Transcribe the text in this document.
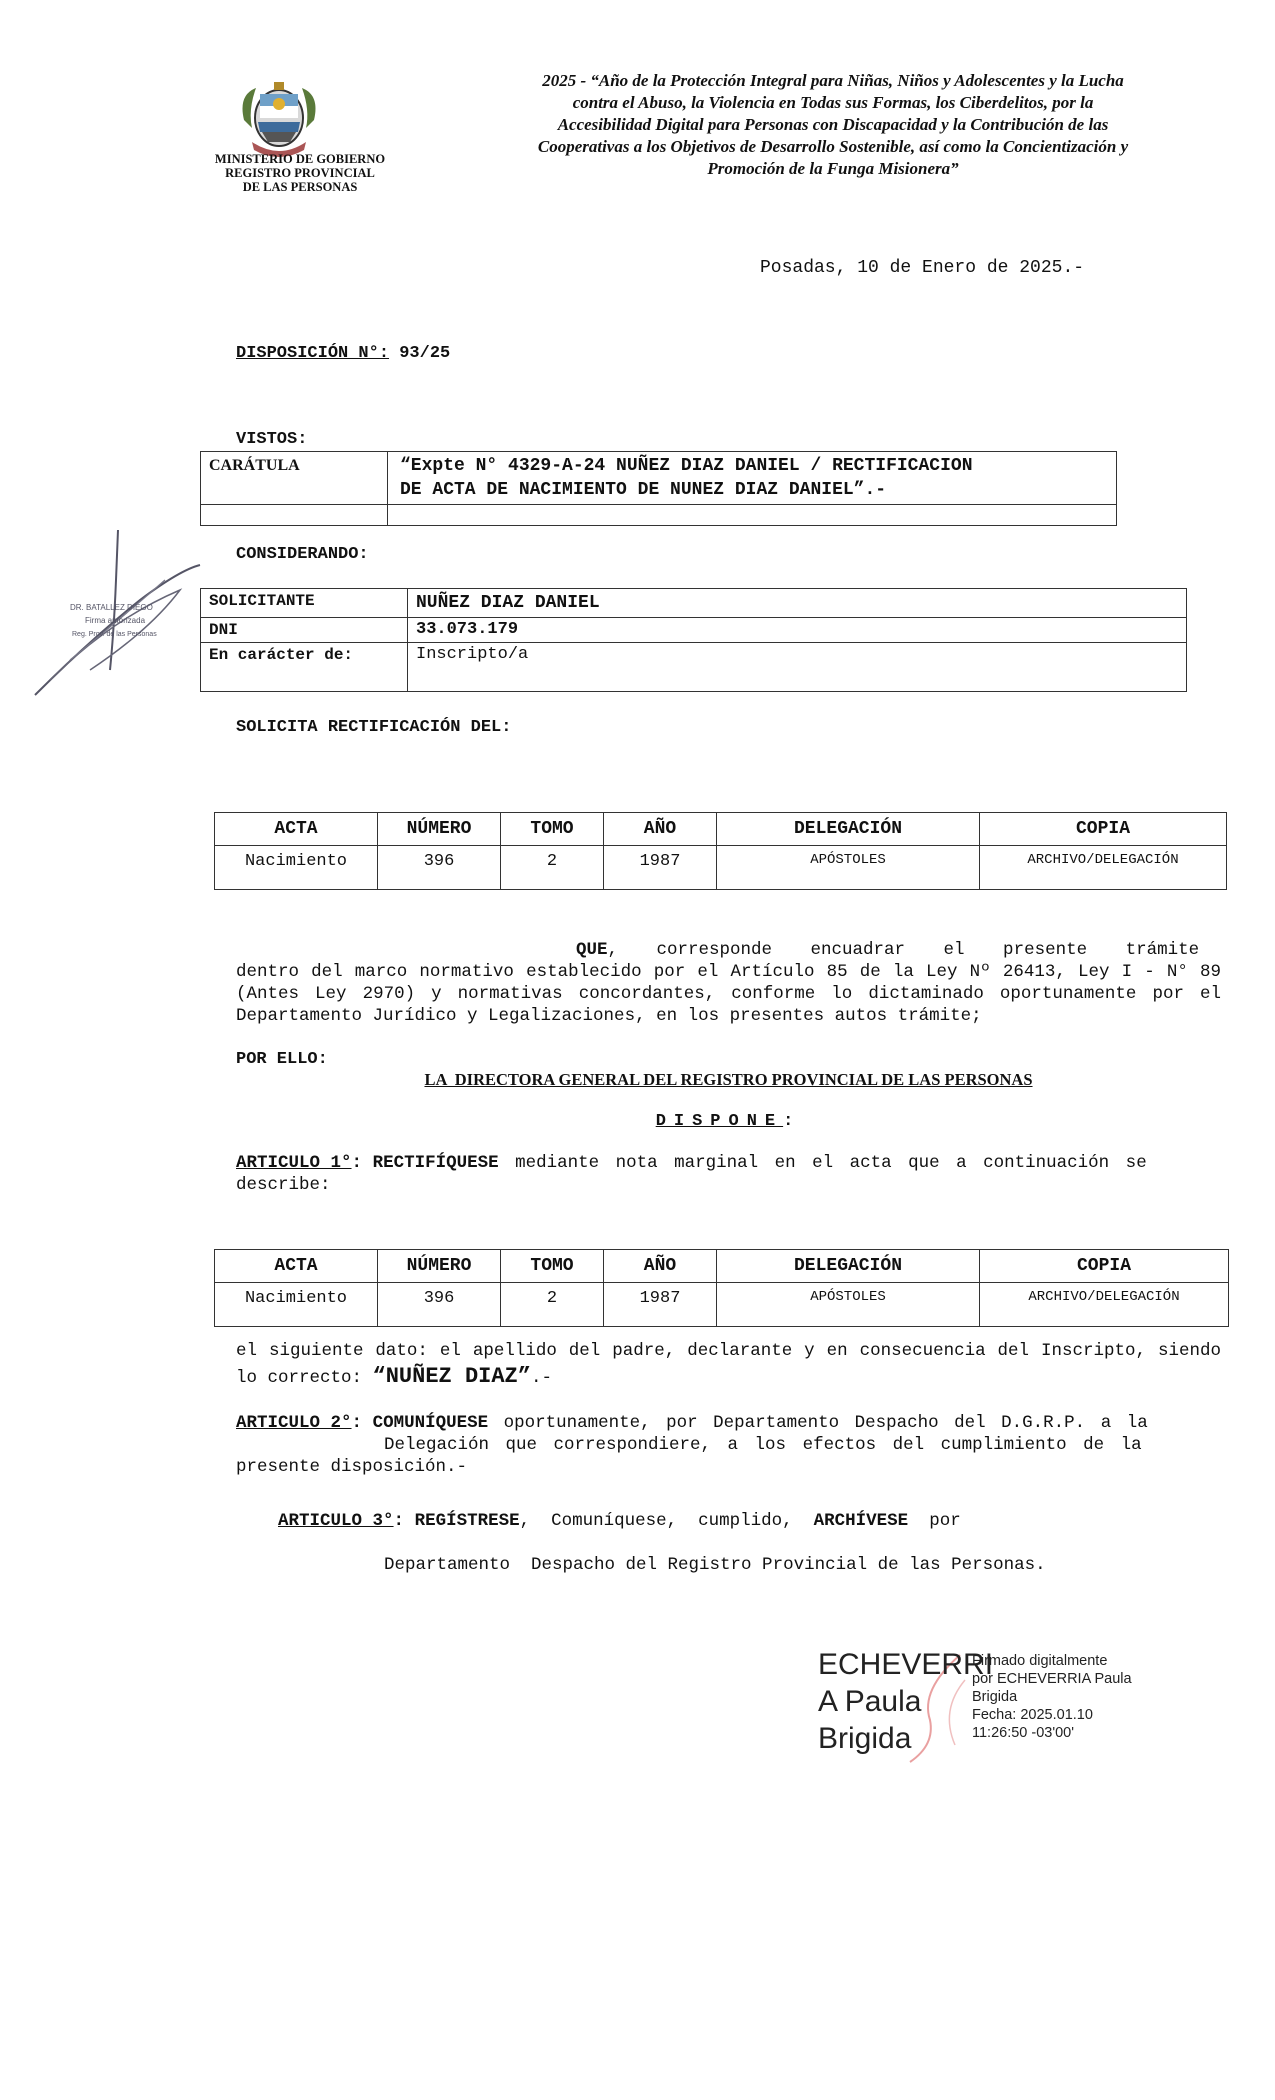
MINISTERIO DE GOBIERNO
REGISTRO PROVINCIAL
DE LAS PERSONAS
2025 - “Año de la Protección Integral para Niñas, Niños y Adolescentes y la Lucha
contra el Abuso, la Violencia en Todas sus Formas, los Ciberdelitos, por la
Accesibilidad Digital para Personas con Discapacidad y la Contribución de las
Cooperativas a los Objetivos de Desarrollo Sostenible, así como la Concientización y
Promoción de la Funga Misionera”
Posadas, 10 de Enero de 2025.-
DISPOSICIÓN N°: 93/25
VISTOS:
CARÁTULA	“Expte N° 4329-A-24 NUÑEZ DIAZ DANIEL / RECTIFICACION
DE ACTA DE NACIMIENTO DE NUNEZ DIAZ DANIEL”.-

CONSIDERANDO:
SOLICITANTE	NUÑEZ DIAZ DANIEL
DNI	33.073.179
En carácter de:	Inscripto/a
SOLICITA RECTIFICACIÓN DEL:
ACTA	NÚMERO	TOMO	AÑO	DELEGACIÓN	COPIA
Nacimiento	396	2	1987	APÓSTOLES	ARCHIVO/DELEGACIÓN
QUE , corresponde encuadrar el presente trámite
dentro del marco normativo establecido por el Artículo 85 de la Ley Nº 26413, Ley I - N° 89 (Antes Ley 2970) y normativas concordantes, conforme lo dictaminado oportunamente por el Departamento Jurídico y Legalizaciones, en los presentes autos trámite;
POR ELLO:
LA  DIRECTORA GENERAL DEL REGISTRO PROVINCIAL DE LAS PERSONAS
DISPONE:
ARTICULO 1°: RECTIFÍQUESE mediante nota marginal en el acta que a continuación se describe:
ACTA	NÚMERO	TOMO	AÑO	DELEGACIÓN	COPIA
Nacimiento	396	2	1987	APÓSTOLES	ARCHIVO/DELEGACIÓN
el siguiente dato: el apellido del padre, declarante y en consecuencia del Inscripto, siendo lo correcto: “NUÑEZ DIAZ”.-
ARTICULO 2°: COMUNÍQUESE oportunamente, por Departamento Despacho del D.G.R.P. a la
Delegación que correspondiere, a los efectos del cumplimiento de la
presente disposición.-

ARTICULO 3°: REGÍSTRESE,  Comuníquese,  cumplido,  ARCHÍVESE  por

Departamento  Despacho del Registro Provincial de las Personas.
DR. BATALLEZ DIEGO
Firma autorizada
Reg. Prov. de las Personas
ECHEVERRI
A Paula
Brigida
Firmado digitalmente
por ECHEVERRIA Paula
Brigida
Fecha: 2025.01.10
11:26:50 -03'00'
